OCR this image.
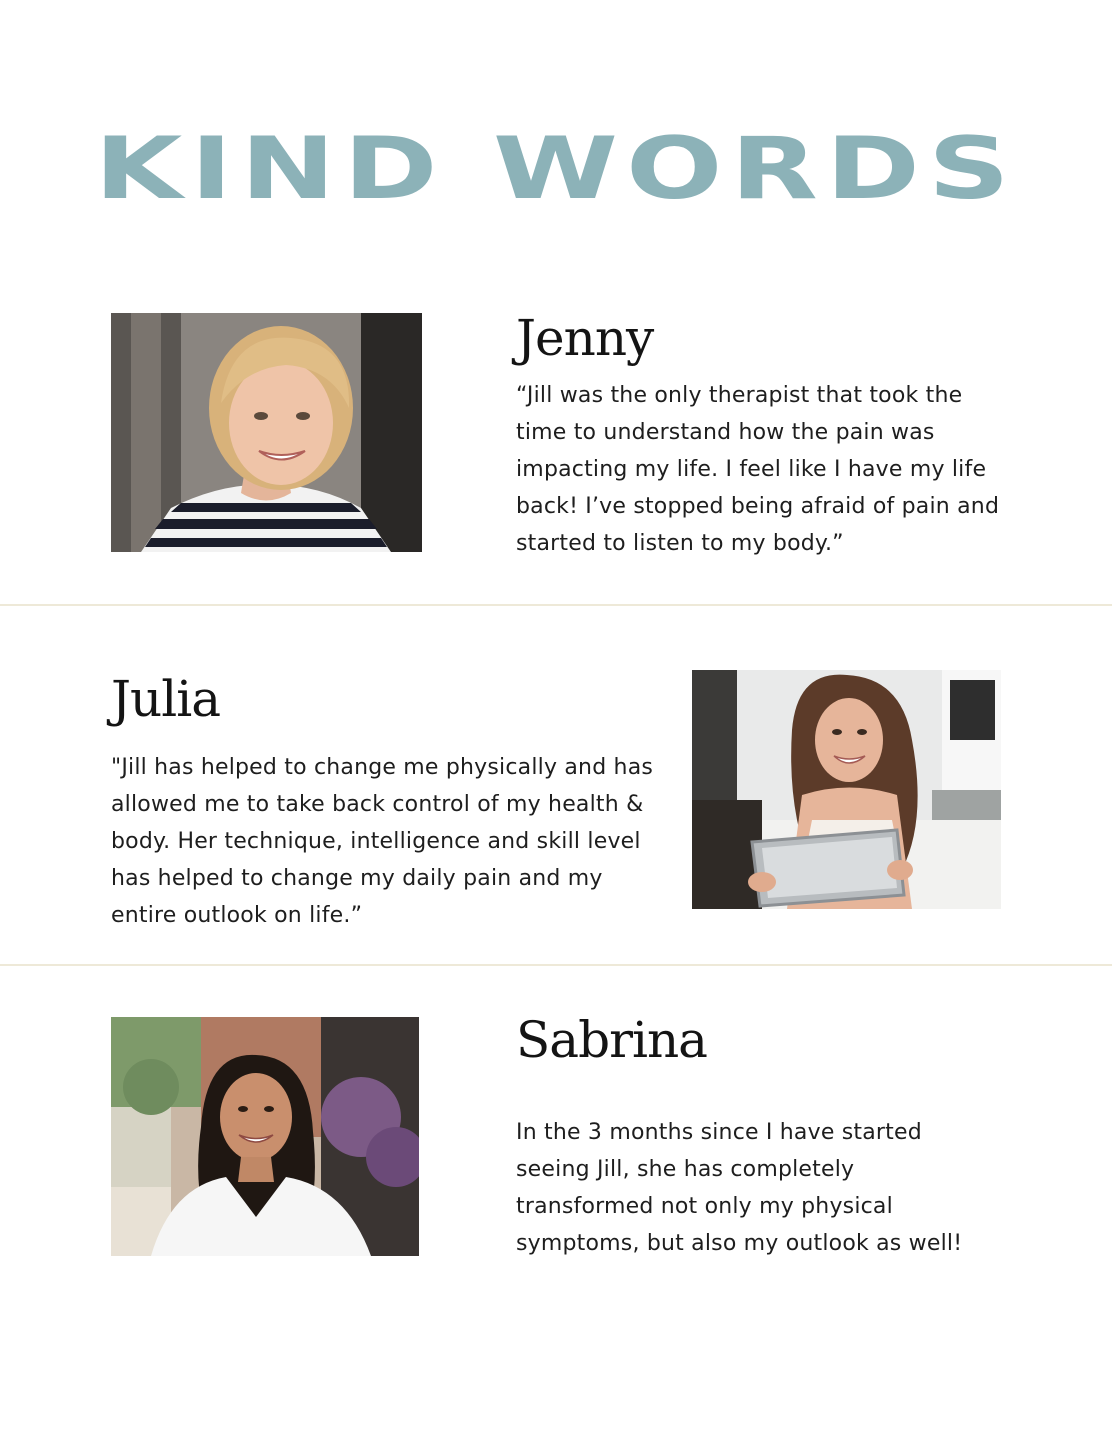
KIND WORDS
Jenny
“Jill was the only therapist that took the time to understand how the pain was impacting my life. I feel like I have my life back! I’ve stopped being afraid of pain and started to listen to my body.”
Julia
"Jill has helped to change me physically and has allowed me to take back control of my health & body. Her technique, intelligence and skill level has helped to change my daily pain and my entire outlook on life.”
Sabrina
In the 3 months since I have started seeing Jill, she has completely transformed not only my physical symptoms, but also my outlook as well!
